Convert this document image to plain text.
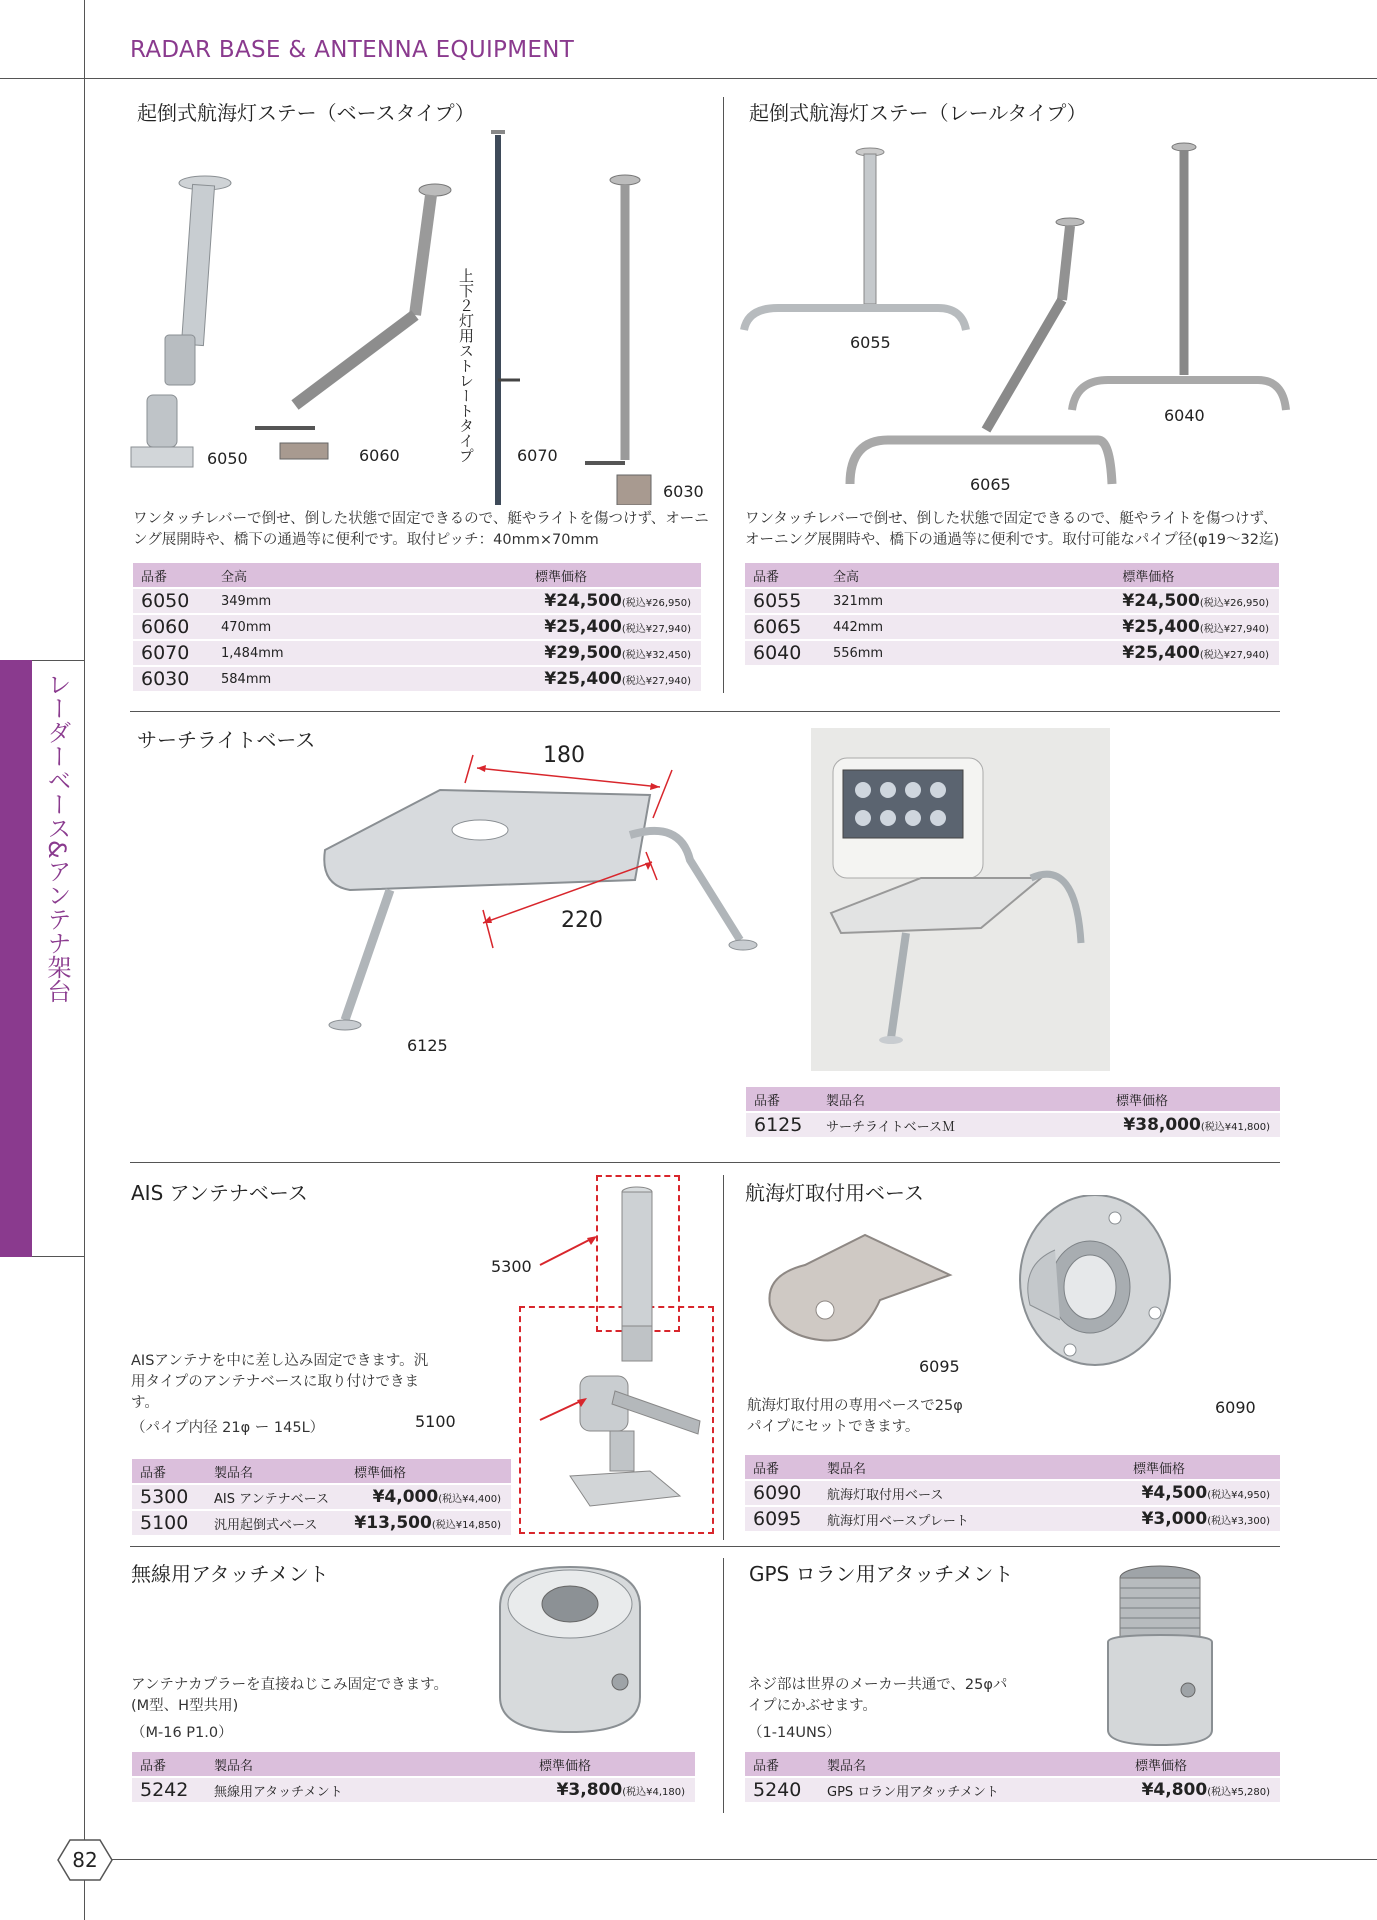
RADAR BASE & ANTENNA EQUIPMENT
レーダーベース&アンテナ架台
82
起倒式航海灯ステー（ベースタイプ）
上下２灯用ストレートタイプ
6050	6060	6070
6030
ワンタッチレバーで倒せ、倒した状態で固定できるので、艇やライトを傷つけず、オーニング展開時や、橋下の通過等に便利です。取付ピッチ：40mm×70mm
品番	全高	標準価格
6050	349mm	¥24,500(税込¥26,950)
6060	470mm	¥25,400(税込¥27,940)
6070	1,484mm	¥29,500(税込¥32,450)
6030	584mm	¥25,400(税込¥27,940)
起倒式航海灯ステー（レールタイプ）
6055
6040
6065
ワンタッチレバーで倒せ、倒した状態で固定できるので、艇やライトを傷つけず、オーニング展開時や、橋下の通過等に便利です。取付可能なパイプ径(φ19〜32迄)
品番	全高	標準価格
6055	321mm	¥24,500(税込¥26,950)
6065	442mm	¥25,400(税込¥27,940)
6040	556mm	¥25,400(税込¥27,940)
サーチライトベース
180
220
6125
品番	製品名	標準価格
6125	サーチライトベースＭ	¥38,000(税込¥41,800)
AIS アンテナベース
5300
5100
AISアンテナを中に差し込み固定できます。汎用タイプのアンテナベースに取り付けできます。
（パイプ内径 21φ ー 145L）
品番	製品名	標準価格
5300	AIS アンテナベース	¥4,000(税込¥4,400)
5100	汎用起倒式ベース	¥13,500(税込¥14,850)
航海灯取付用ベース
6095
6090
航海灯取付用の専用ベースで25φパイプにセットできます。
品番	製品名	標準価格
6090	航海灯取付用ベース	¥4,500(税込¥4,950)
6095	航海灯用ベースプレート	¥3,000(税込¥3,300)
無線用アタッチメント
アンテナカプラーを直接ねじこみ固定できます。(M型、H型共用)
（M-16 P1.0）
品番	製品名	標準価格
5242	無線用アタッチメント	¥3,800(税込¥4,180)
GPS ロラン用アタッチメント
ネジ部は世界のメーカー共通で、25φパイプにかぶせます。
（1-14UNS）
品番	製品名	標準価格
5240	GPS ロラン用アタッチメント	¥4,800(税込¥5,280)
